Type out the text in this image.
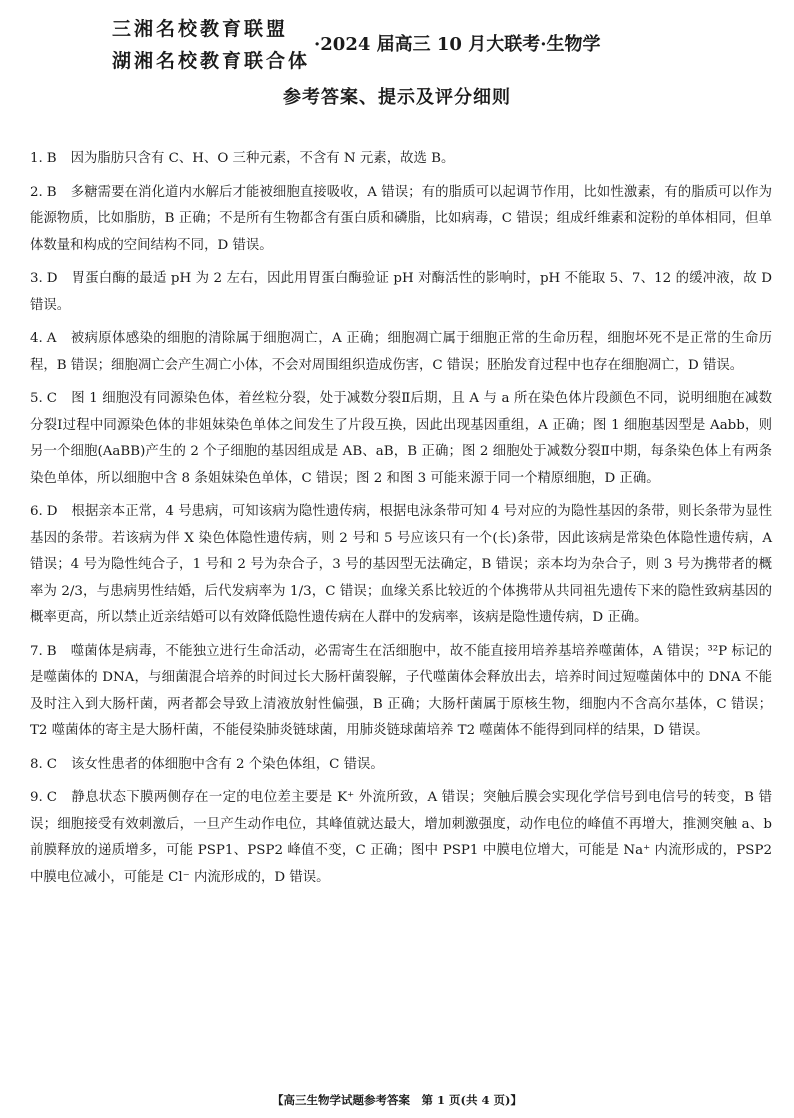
三湘名校教育联盟
湖湘名校教育联合体
·2024 届高三 10 月大联考·生物学
参考答案、提示及评分细则
1. B 因为脂肪只含有 C、H、O 三种元素，不含有 N 元素，故选 B。
2. B 多糖需要在消化道内水解后才能被细胞直接吸收，A 错误；有的脂质可以起调节作用，比如性激素，有的脂质可以作为能源物质，比如脂肪，B 正确；不是所有生物都含有蛋白质和磷脂，比如病毒，C 错误；组成纤维素和淀粉的单体相同，但单体数量和构成的空间结构不同，D 错误。
3. D 胃蛋白酶的最适 pH 为 2 左右，因此用胃蛋白酶验证 pH 对酶活性的影响时，pH 不能取 5、7、12 的缓冲液，故 D 错误。
4. A 被病原体感染的细胞的清除属于细胞凋亡，A 正确；细胞凋亡属于细胞正常的生命历程，细胞坏死不是正常的生命历程，B 错误；细胞凋亡会产生凋亡小体，不会对周围组织造成伤害，C 错误；胚胎发育过程中也存在细胞凋亡，D 错误。
5. C 图 1 细胞没有同源染色体，着丝粒分裂，处于减数分裂Ⅱ后期，且 A 与 a 所在染色体片段颜色不同，说明细胞在减数分裂Ⅰ过程中同源染色体的非姐妹染色单体之间发生了片段互换，因此出现基因重组，A 正确；图 1 细胞基因型是 Aabb，则另一个细胞(AaBB)产生的 2 个子细胞的基因组成是 AB、aB，B 正确；图 2 细胞处于减数分裂Ⅱ中期，每条染色体上有两条染色单体，所以细胞中含 8 条姐妹染色单体，C 错误；图 2 和图 3 可能来源于同一个精原细胞，D 正确。
6. D 根据亲本正常，4 号患病，可知该病为隐性遗传病，根据电泳条带可知 4 号对应的为隐性基因的条带，则长条带为显性基因的条带。若该病为伴 X 染色体隐性遗传病，则 2 号和 5 号应该只有一个(长)条带，因此该病是常染色体隐性遗传病，A 错误；4 号为隐性纯合子，1 号和 2 号为杂合子，3 号的基因型无法确定，B 错误；亲本均为杂合子，则 3 号为携带者的概率为 2/3，与患病男性结婚，后代发病率为 1/3，C 错误；血缘关系比较近的个体携带从共同祖先遗传下来的隐性致病基因的概率更高，所以禁止近亲结婚可以有效降低隐性遗传病在人群中的发病率，该病是隐性遗传病，D 正确。
7. B 噬菌体是病毒，不能独立进行生命活动，必需寄生在活细胞中，故不能直接用培养基培养噬菌体，A 错误；³²P 标记的是噬菌体的 DNA，与细菌混合培养的时间过长大肠杆菌裂解，子代噬菌体会释放出去，培养时间过短噬菌体中的 DNA 不能及时注入到大肠杆菌，两者都会导致上清液放射性偏强，B 正确；大肠杆菌属于原核生物，细胞内不含高尔基体，C 错误；T2 噬菌体的寄主是大肠杆菌，不能侵染肺炎链球菌，用肺炎链球菌培养 T2 噬菌体不能得到同样的结果，D 错误。
8. C 该女性患者的体细胞中含有 2 个染色体组，C 错误。
9. C 静息状态下膜两侧存在一定的电位差主要是 K⁺ 外流所致，A 错误；突触后膜会实现化学信号到电信号的转变，B 错误；细胞接受有效刺激后，一旦产生动作电位，其峰值就达最大，增加刺激强度，动作电位的峰值不再增大，推测突触 a、b 前膜释放的递质增多，可能 PSP1、PSP2 峰值不变，C 正确；图中 PSP1 中膜电位增大，可能是 Na⁺ 内流形成的，PSP2 中膜电位减小，可能是 Cl⁻ 内流形成的，D 错误。
【高三生物学试题参考答案　第 1 页(共 4 页)】
